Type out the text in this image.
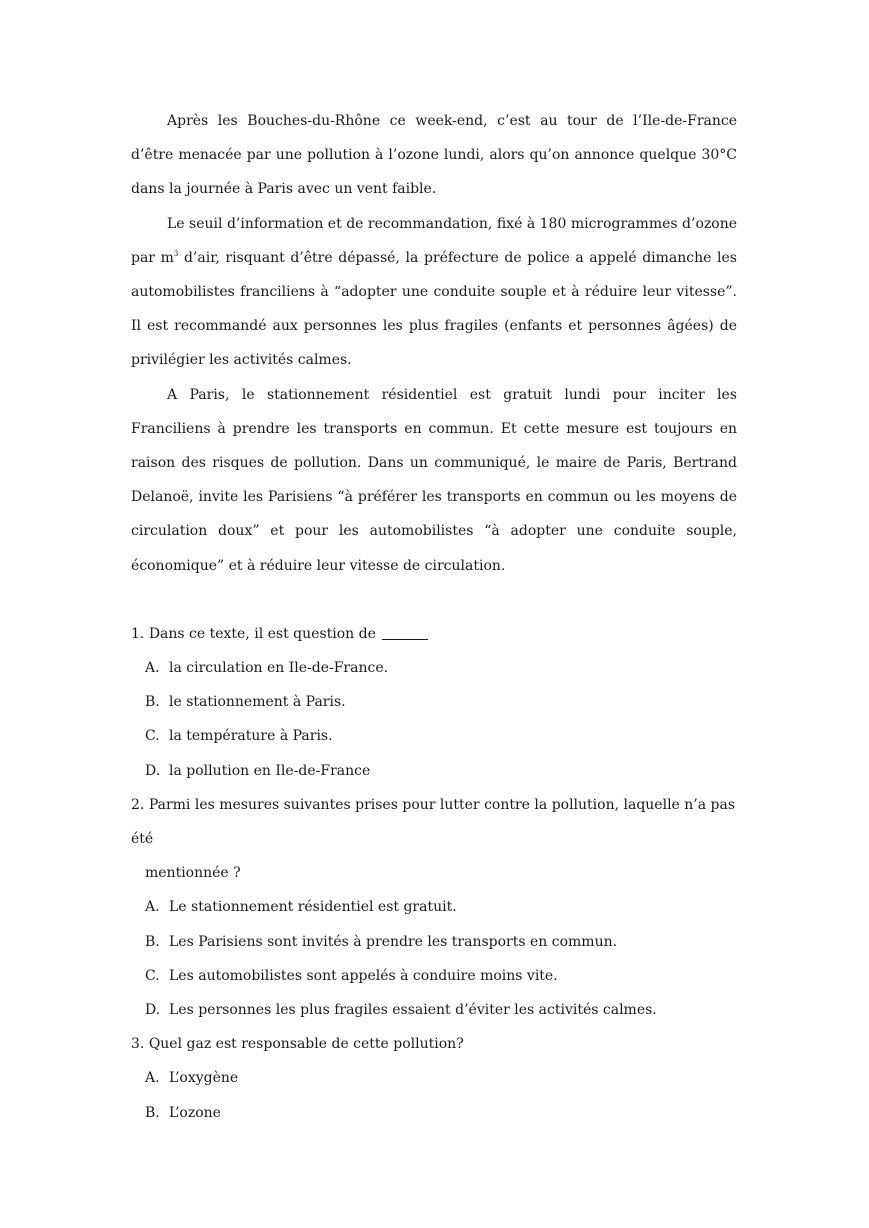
Après les Bouches-du-Rhône ce week-end, c’est au tour de l’Ile-de-France d’être menacée par une pollution à l’ozone lundi, alors qu’on annonce quelque 30°C dans la journée à Paris avec un vent faible.

Le seuil d’information et de recommandation, fixé à 180 microgrammes d’ozone par $m^3$ d’air, risquant d’être dépassé, la préfecture de police a appelé dimanche les automobilistes franciliens à “adopter une conduite souple et à réduire leur vitesse”. Il est recommandé aux personnes les plus fragiles (enfants et personnes âgées) de privilégier les activités calmes.

A Paris, le stationnement résidentiel est gratuit lundi pour inciter les Franciliens à prendre les transports en commun. Et cette mesure est toujours en raison des risques de pollution. Dans un communiqué, le maire de Paris, Bertrand Delanoë, invite les Parisiens “à préférer les transports en commun ou les moyens de circulation doux” et pour les automobilistes “à adopter une conduite souple, économique” et à réduire leur vitesse de circulation.

1. Dans ce texte, il est question de

A. la circulation en Ile-de-France.

B. le stationnement à Paris.

C. la température à Paris.

D. la pollution en Ile-de-France

2. Parmi les mesures suivantes prises pour lutter contre la pollution, laquelle n’a pas été
mentionnée ?

A. Le stationnement résidentiel est gratuit.

B. Les Parisiens sont invités à prendre les transports en commun.

C. Les automobilistes sont appelés à conduire moins vite.

D. Les personnes les plus fragiles essaient d’éviter les activités calmes.

3. Quel gaz est responsable de cette pollution?

A. L’oxygène

B. L’ozone
